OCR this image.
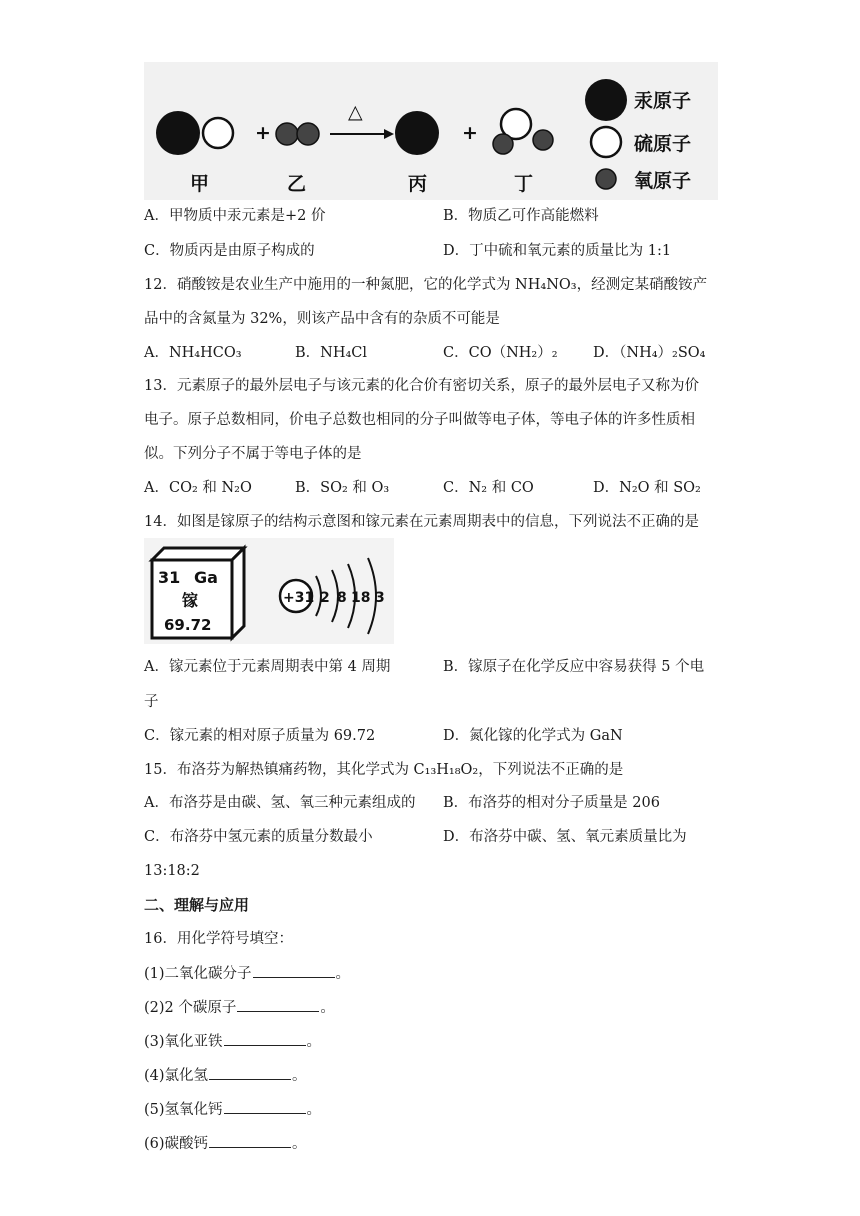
+
△
+
甲	乙	丙	丁
汞原子
硫原子
氧原子
A．甲物质中汞元素是+2 价	B．物质乙可作高能燃料
C．物质丙是由原子构成的	D．丁中硫和氧元素的质量比为 1:1
12．硝酸铵是农业生产中施用的一种氮肥，它的化学式为 NH₄NO₃，经测定某硝酸铵产
品中的含氮量为 32%，则该产品中含有的杂质不可能是
A．NH₄HCO₃	B．NH₄Cl	C．CO（NH₂）₂ D．（NH₄）₂SO₄
13．元素原子的最外层电子与该元素的化合价有密切关系，原子的最外层电子又称为价
电子。原子总数相同，价电子总数也相同的分子叫做等电子体，等电子体的许多性质相
似。下列分子不属于等电子体的是
A．CO₂ 和 N₂O	B．SO₂ 和 O₃	C．N₂ 和 CO	D．N₂O 和 SO₂
14．如图是镓原子的结构示意图和镓元素在元素周期表中的信息，下列说法不正确的是
31 Ga
镓
69.72
+31 2 8 18 3
A．镓元素位于元素周期表中第 4 周期	B．镓原子在化学反应中容易获得 5 个电
子
C．镓元素的相对原子质量为 69.72	D．氮化镓的化学式为 GaN
15．布洛芬为解热镇痛药物，其化学式为 C₁₃H₁₈O₂，下列说法不正确的是
A．布洛芬是由碳、氢、氧三种元素组成的 B．布洛芬的相对分子质量是 206
C．布洛芬中氢元素的质量分数最小	D．布洛芬中碳、氢、氧元素质量比为
13:18:2
二、理解与应用
16．用化学符号填空：
(1)二氧化碳分子	。
(2)2 个碳原子	。
(3)氧化亚铁	。
(4)氯化氢	。
(5)氢氧化钙	。
(6)碳酸钙	。
